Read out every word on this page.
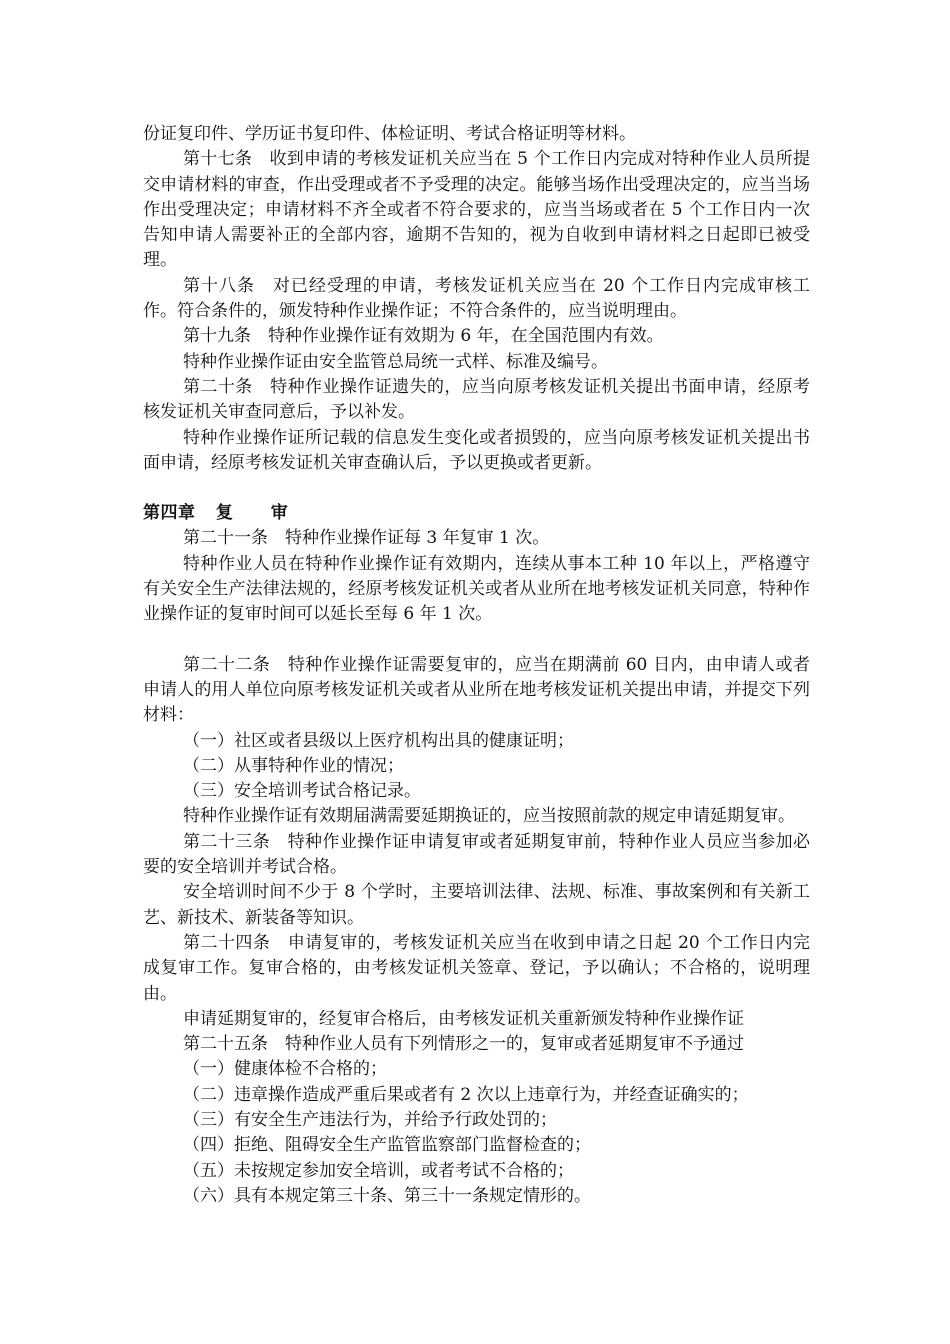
份证复印件、学历证书复印件、体检证明、考试合格证明等材料。

第十七条　收到申请的考核发证机关应当在 5 个工作日内完成对特种作业人员所提交申请材料的审查，作出受理或者不予受理的决定。能够当场作出受理决定的，应当当场作出受理决定；申请材料不齐全或者不符合要求的，应当当场或者在 5 个工作日内一次告知申请人需要补正的全部内容，逾期不告知的，视为自收到申请材料之日起即已被受理。

第十八条　对已经受理的申请，考核发证机关应当在 20 个工作日内完成审核工作。符合条件的，颁发特种作业操作证；不符合条件的，应当说明理由。

第十九条　特种作业操作证有效期为 6 年，在全国范围内有效。

特种作业操作证由安全监管总局统一式样、标准及编号。

第二十条　特种作业操作证遗失的，应当向原考核发证机关提出书面申请，经原考核发证机关审查同意后，予以补发。

特种作业操作证所记载的信息发生变化或者损毁的，应当向原考核发证机关提出书面申请，经原考核发证机关审查确认后，予以更换或者更新。

第四章 复 审

第二十一条　特种作业操作证每 3 年复审 1 次。

特种作业人员在特种作业操作证有效期内，连续从事本工种 10 年以上，严格遵守有关安全生产法律法规的，经原考核发证机关或者从业所在地考核发证机关同意，特种作业操作证的复审时间可以延长至每 6 年 1 次。

第二十二条　特种作业操作证需要复审的，应当在期满前 60 日内，由申请人或者申请人的用人单位向原考核发证机关或者从业所在地考核发证机关提出申请，并提交下列材料：

（一）社区或者县级以上医疗机构出具的健康证明；

（二）从事特种作业的情况；

（三）安全培训考试合格记录。

特种作业操作证有效期届满需要延期换证的，应当按照前款的规定申请延期复审。

第二十三条　特种作业操作证申请复审或者延期复审前，特种作业人员应当参加必要的安全培训并考试合格。

安全培训时间不少于 8 个学时，主要培训法律、法规、标准、事故案例和有关新工艺、新技术、新装备等知识。

第二十四条　申请复审的，考核发证机关应当在收到申请之日起 20 个工作日内完成复审工作。复审合格的，由考核发证机关签章、登记，予以确认；不合格的，说明理由。

申请延期复审的，经复审合格后，由考核发证机关重新颁发特种作业操作证

第二十五条　特种作业人员有下列情形之一的，复审或者延期复审不予通过

（一）健康体检不合格的；

（二）违章操作造成严重后果或者有 2 次以上违章行为，并经查证确实的；

（三）有安全生产违法行为，并给予行政处罚的；

（四）拒绝、阻碍安全生产监管监察部门监督检查的；

（五）未按规定参加安全培训，或者考试不合格的；

（六）具有本规定第三十条、第三十一条规定情形的。
